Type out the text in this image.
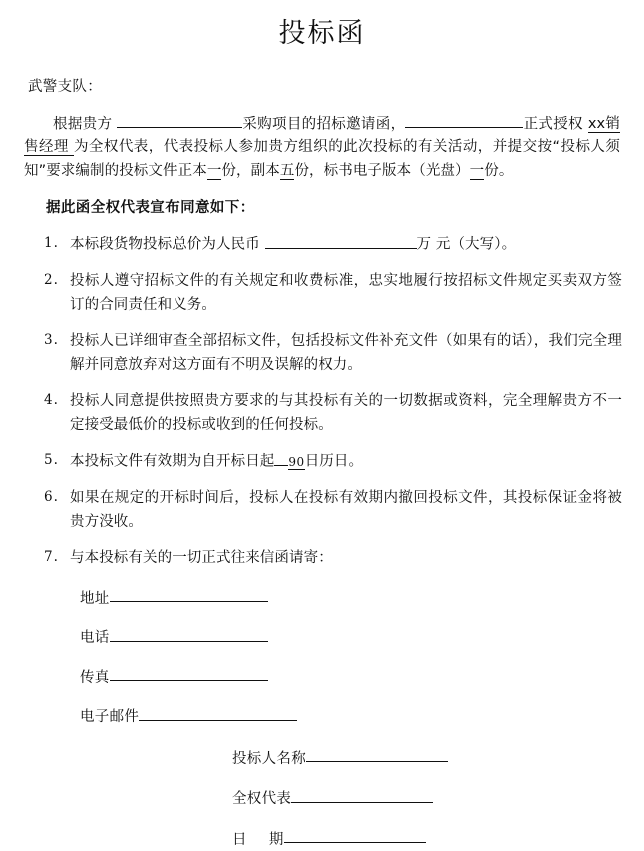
投标函
武警支队：

根据贵方	采购项目的招标邀请函，	正式授权 xx销售经理 为全权代表，代表投标人参加贵方组织的此次投标的有关活动，并提交按“投标人须知”要求编制的投标文件正本一份，副本五份，标书电子版本（光盘）一份。

据此函全权代表宣布同意如下：
1. 本标段货物投标总价为人民币	万 元（大写）。
2. 投标人遵守招标文件的有关规定和收费标准，忠实地履行按招标文件规定买卖双方签订的合同责任和义务。
3. 投标人已详细审查全部招标文件，包括投标文件补充文件（如果有的话），我们完全理解并同意放弃对这方面有不明及误解的权力。
4. 投标人同意提供按照贵方要求的与其投标有关的一切数据或资料，完全理解贵方不一定接受最低价的投标或收到的任何投标。
5. 本投标文件有效期为自开标日起 90日历日。
6. 如果在规定的开标时间后，投标人在投标有效期内撤回投标文件，其投标保证金将被贵方没收。
7. 与本投标有关的一切正式往来信函请寄：
地址
电话
传真
电子邮件
投标人名称
全权代表
日 期
